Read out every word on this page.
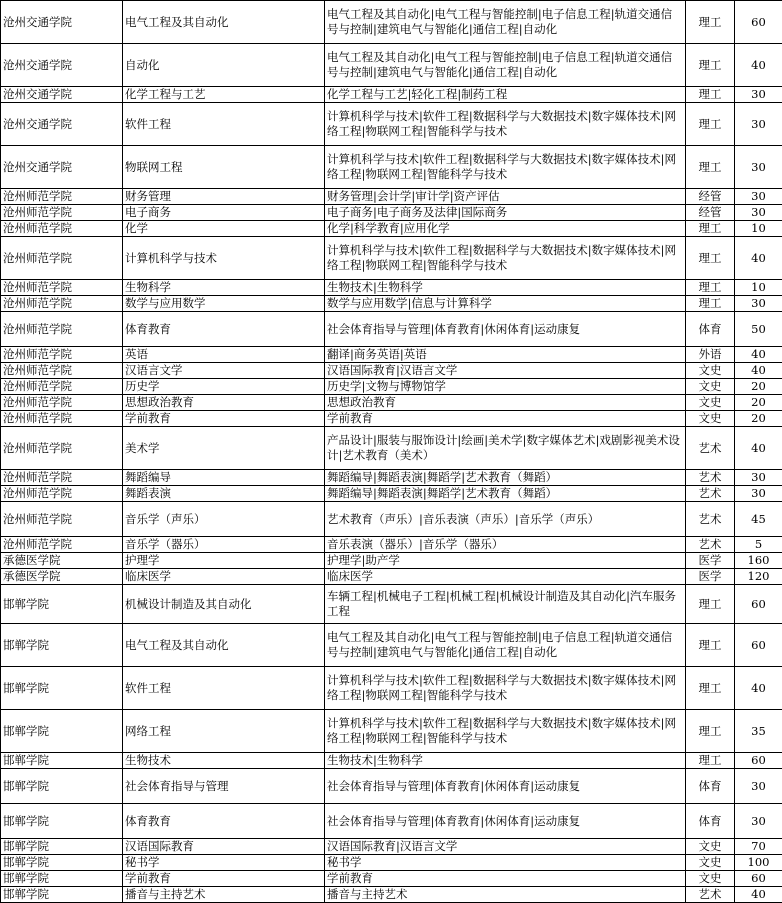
沧州交通学院	电气工程及其自动化	电气工程及其自动化|电气工程与智能控制|电子信息工程|轨道交通信号与控制|建筑电气与智能化|通信工程|自动化	理工	60
沧州交通学院	自动化	电气工程及其自动化|电气工程与智能控制|电子信息工程|轨道交通信号与控制|建筑电气与智能化|通信工程|自动化	理工	40
沧州交通学院	化学工程与工艺	化学工程与工艺|轻化工程|制药工程	理工	30
沧州交通学院	软件工程	计算机科学与技术|软件工程|数据科学与大数据技术|数字媒体技术|网络工程|物联网工程|智能科学与技术	理工	30
沧州交通学院	物联网工程	计算机科学与技术|软件工程|数据科学与大数据技术|数字媒体技术|网络工程|物联网工程|智能科学与技术	理工	30
沧州师范学院	财务管理	财务管理|会计学|审计学|资产评估	经管	30
沧州师范学院	电子商务	电子商务|电子商务及法律|国际商务	经管	30
沧州师范学院	化学	化学|科学教育|应用化学	理工	10
沧州师范学院	计算机科学与技术	计算机科学与技术|软件工程|数据科学与大数据技术|数字媒体技术|网络工程|物联网工程|智能科学与技术	理工	40
沧州师范学院	生物科学	生物技术|生物科学	理工	10
沧州师范学院	数学与应用数学	数学与应用数学|信息与计算科学	理工	30
沧州师范学院	体育教育	社会体育指导与管理|体育教育|休闲体育|运动康复	体育	50
沧州师范学院	英语	翻译|商务英语|英语	外语	40
沧州师范学院	汉语言文学	汉语国际教育|汉语言文学	文史	40
沧州师范学院	历史学	历史学|文物与博物馆学	文史	20
沧州师范学院	思想政治教育	思想政治教育	文史	20
沧州师范学院	学前教育	学前教育	文史	20
沧州师范学院	美术学	产品设计|服装与服饰设计|绘画|美术学|数字媒体艺术|戏剧影视美术设计|艺术教育（美术）	艺术	40
沧州师范学院	舞蹈编导	舞蹈编导|舞蹈表演|舞蹈学|艺术教育（舞蹈）	艺术	30
沧州师范学院	舞蹈表演	舞蹈编导|舞蹈表演|舞蹈学|艺术教育（舞蹈）	艺术	30
沧州师范学院	音乐学（声乐）	艺术教育（声乐）|音乐表演（声乐）|音乐学（声乐）	艺术	45
沧州师范学院	音乐学（器乐）	音乐表演（器乐）|音乐学（器乐）	艺术	5
承德医学院	护理学	护理学|助产学	医学	160
承德医学院	临床医学	临床医学	医学	120
邯郸学院	机械设计制造及其自动化	车辆工程|机械电子工程|机械工程|机械设计制造及其自动化|汽车服务工程	理工	60
邯郸学院	电气工程及其自动化	电气工程及其自动化|电气工程与智能控制|电子信息工程|轨道交通信号与控制|建筑电气与智能化|通信工程|自动化	理工	60
邯郸学院	软件工程	计算机科学与技术|软件工程|数据科学与大数据技术|数字媒体技术|网络工程|物联网工程|智能科学与技术	理工	40
邯郸学院	网络工程	计算机科学与技术|软件工程|数据科学与大数据技术|数字媒体技术|网络工程|物联网工程|智能科学与技术	理工	35
邯郸学院	生物技术	生物技术|生物科学	理工	60
邯郸学院	社会体育指导与管理	社会体育指导与管理|体育教育|休闲体育|运动康复	体育	30
邯郸学院	体育教育	社会体育指导与管理|体育教育|休闲体育|运动康复	体育	30
邯郸学院	汉语国际教育	汉语国际教育|汉语言文学	文史	70
邯郸学院	秘书学	秘书学	文史	100
邯郸学院	学前教育	学前教育	文史	60
邯郸学院	播音与主持艺术	播音与主持艺术	艺术	40
